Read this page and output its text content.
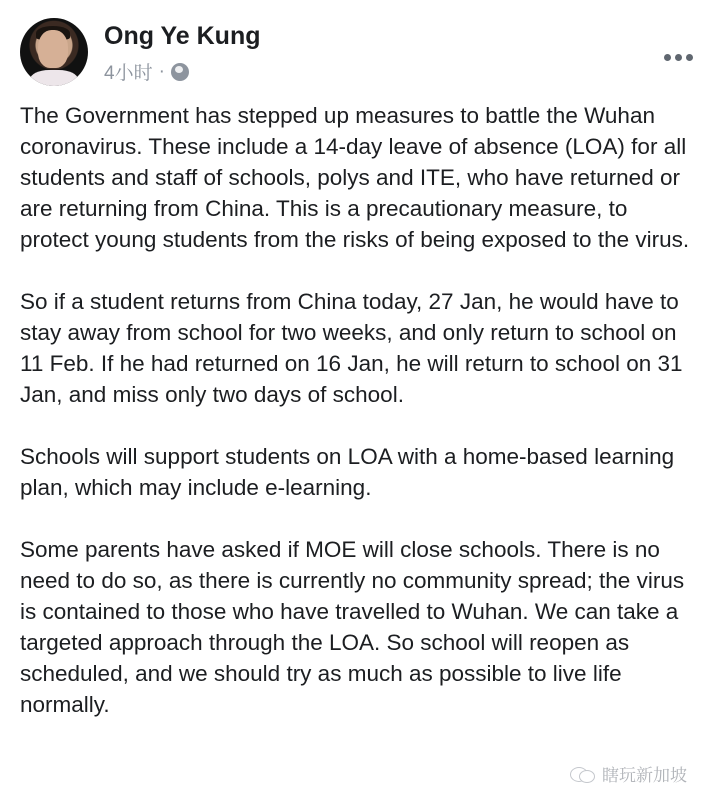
Ong Ye Kung
4小时 ·

The Government has stepped up measures to battle the Wuhan coronavirus. These include a 14-day leave of absence (LOA) for all students and staff of schools, polys and ITE, who have returned or are returning from China. This is a precautionary measure, to protect young students from the risks of being exposed to the virus.

So if a student returns from China today, 27 Jan, he would have to stay away from school for two weeks, and only return to school on 11 Feb. If he had returned on 16 Jan, he will return to school on 31 Jan, and miss only two days of school.

Schools will support students on LOA with a home-based learning plan, which may include e-learning.

Some parents have asked if MOE will close schools. There is no need to do so, as there is currently no community spread; the virus is contained to those who have travelled to Wuhan. We can take a targeted approach through the LOA. So school will reopen as scheduled, and we should try as much as possible to live life normally.

瞎玩新加坡
